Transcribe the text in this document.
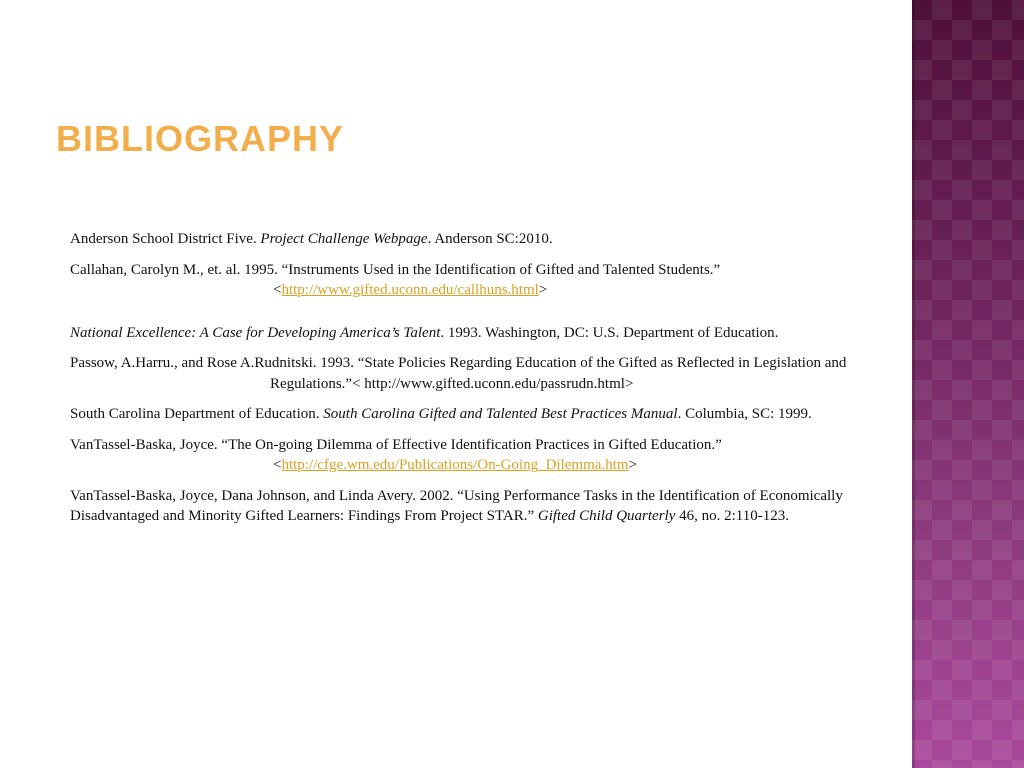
BIBLIOGRAPHY

Anderson School District Five. Project Challenge Webpage. Anderson SC:2010.

Callahan, Carolyn M., et. al. 1995. “Instruments Used in the Identification of Gifted and Talented Students.”
<http://www.gifted.uconn.edu/callhuns.html>

National Excellence: A Case for Developing America’s Talent. 1993. Washington, DC: U.S. Department of Education.

Passow, A.Harru., and Rose A.Rudnitski. 1993. “State Policies Regarding Education of the Gifted as Reflected in Legislation andRegulations.”< http://www.gifted.uconn.edu/passrudn.html>

South Carolina Department of Education. South Carolina Gifted and Talented Best Practices Manual. Columbia, SC: 1999.

VanTassel-Baska, Joyce. “The On-going Dilemma of Effective Identification Practices in Gifted Education.”
<http://cfge.wm.edu/Publications/On-Going_Dilemma.htm>

VanTassel-Baska, Joyce, Dana Johnson, and Linda Avery. 2002. “Using Performance Tasks in the Identification of Economically Disadvantaged and Minority Gifted Learners: Findings From Project STAR.” Gifted Child Quarterly 46, no. 2:110-123.
